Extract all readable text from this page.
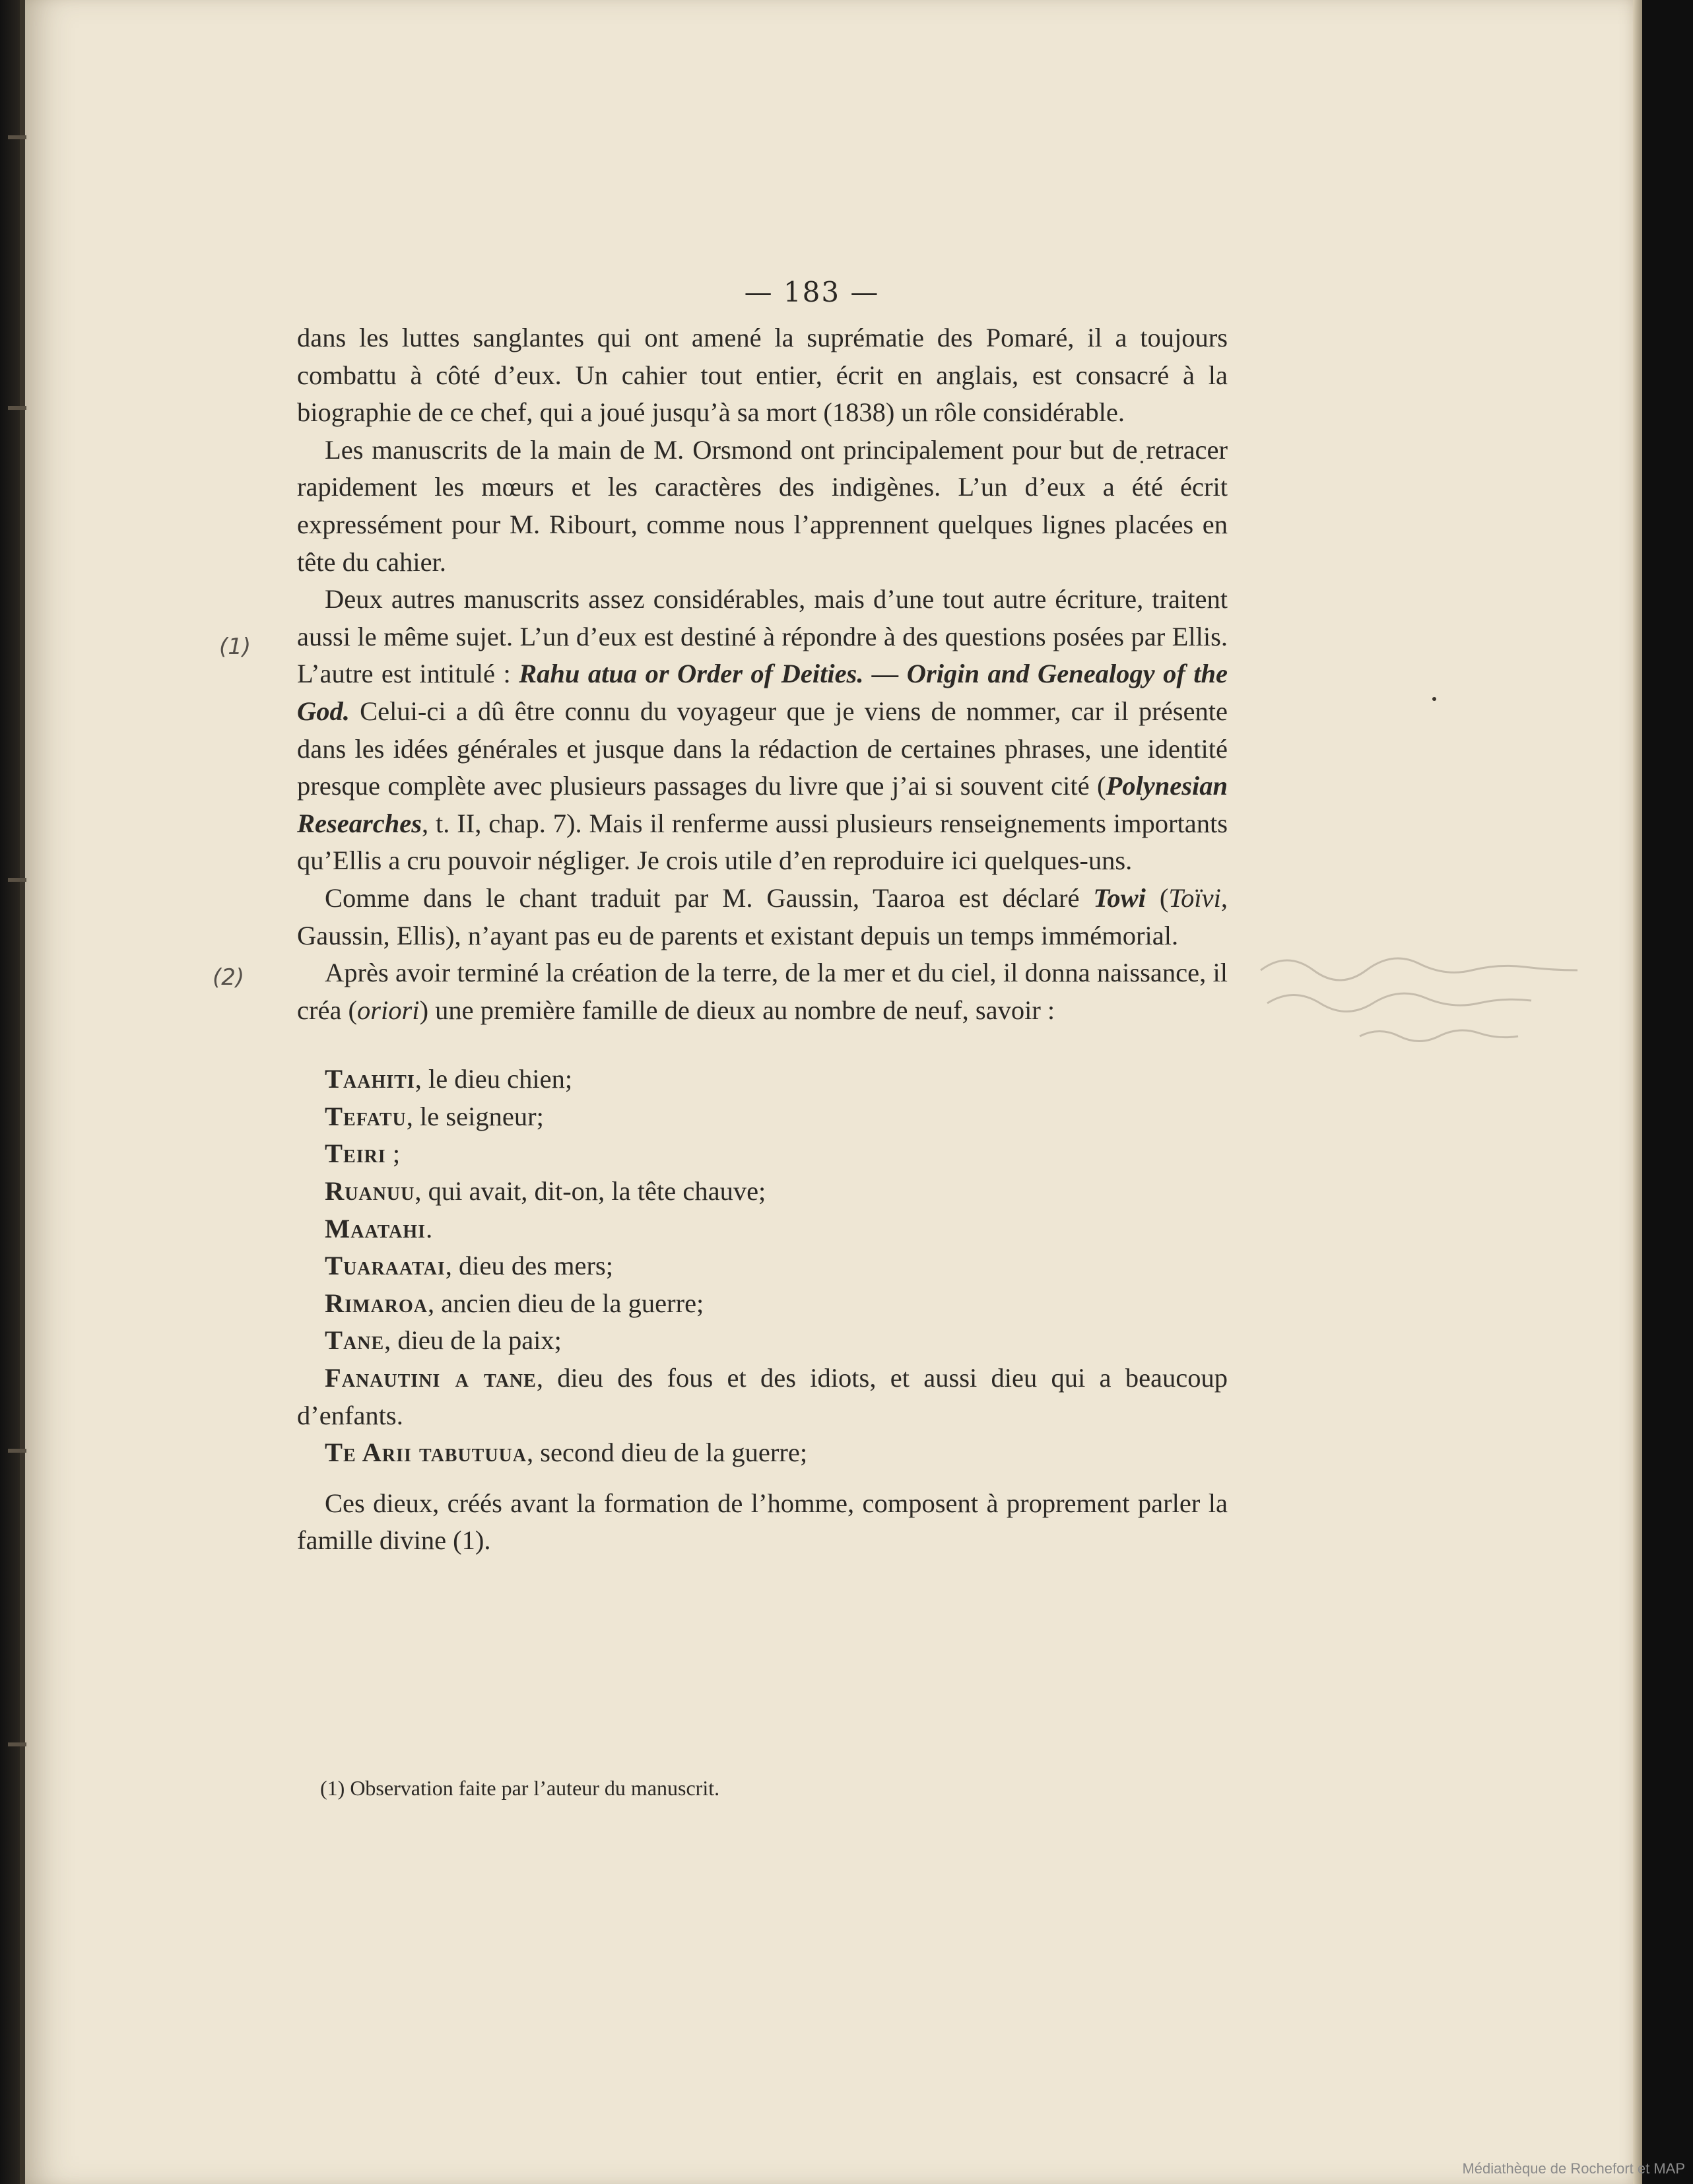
— 183 —
(1)
(2)

dans les luttes sanglantes qui ont amené la suprématie des Pomaré, il a toujours combattu à côté d’eux. Un cahier tout entier, écrit en anglais, est consacré à la biographie de ce chef, qui a joué jusqu’à sa mort (1838) un rôle considérable.

Les manuscrits de la main de M. Orsmond ont principalement pour but de retracer rapidement les mœurs et les caractères des indigènes. L’un d’eux a été écrit expressément pour M. Ribourt, comme nous l’apprennent quelques lignes placées en tête du cahier.

Deux autres manuscrits assez considérables, mais d’une tout autre écriture, traitent aussi le même sujet. L’un d’eux est destiné à répondre à des questions posées par Ellis. L’autre est intitulé : Rahu atua or Order of Deities. — Origin and Genealogy of the God. Celui-ci a dû être connu du voyageur que je viens de nommer, car il présente dans les idées générales et jusque dans la rédaction de certaines phrases, une identité presque complète avec plusieurs passages du livre que j’ai si souvent cité (Polynesian Researches, t. II, chap. 7). Mais il renferme aussi plusieurs renseignements importants qu’Ellis a cru pouvoir négliger. Je crois utile d’en reproduire ici quelques-uns.

Comme dans le chant traduit par M. Gaussin, Taaroa est déclaré Towi (Toïvi, Gaussin, Ellis), n’ayant pas eu de parents et existant depuis un temps immémorial.

Après avoir terminé la création de la terre, de la mer et du ciel, il donna naissance, il créa (oriori) une première famille de dieux au nombre de neuf, savoir :

Taahiti, le dieu chien;

Tefatu, le seigneur;

Teiri ;

Ruanuu, qui avait, dit-on, la tête chauve;

Maatahi.

Tuaraatai, dieu des mers;

Rimaroa, ancien dieu de la guerre;

Tane, dieu de la paix;

Fanautini a tane, dieu des fous et des idiots, et aussi dieu qui a beaucoup d’enfants.

Te Arii tabutuua, second dieu de la guerre;

Ces dieux, créés avant la formation de l’homme, composent à proprement parler la famille divine (1).

(1) Observation faite par l’auteur du manuscrit.
Médiathèque de Rochefort et MAP
